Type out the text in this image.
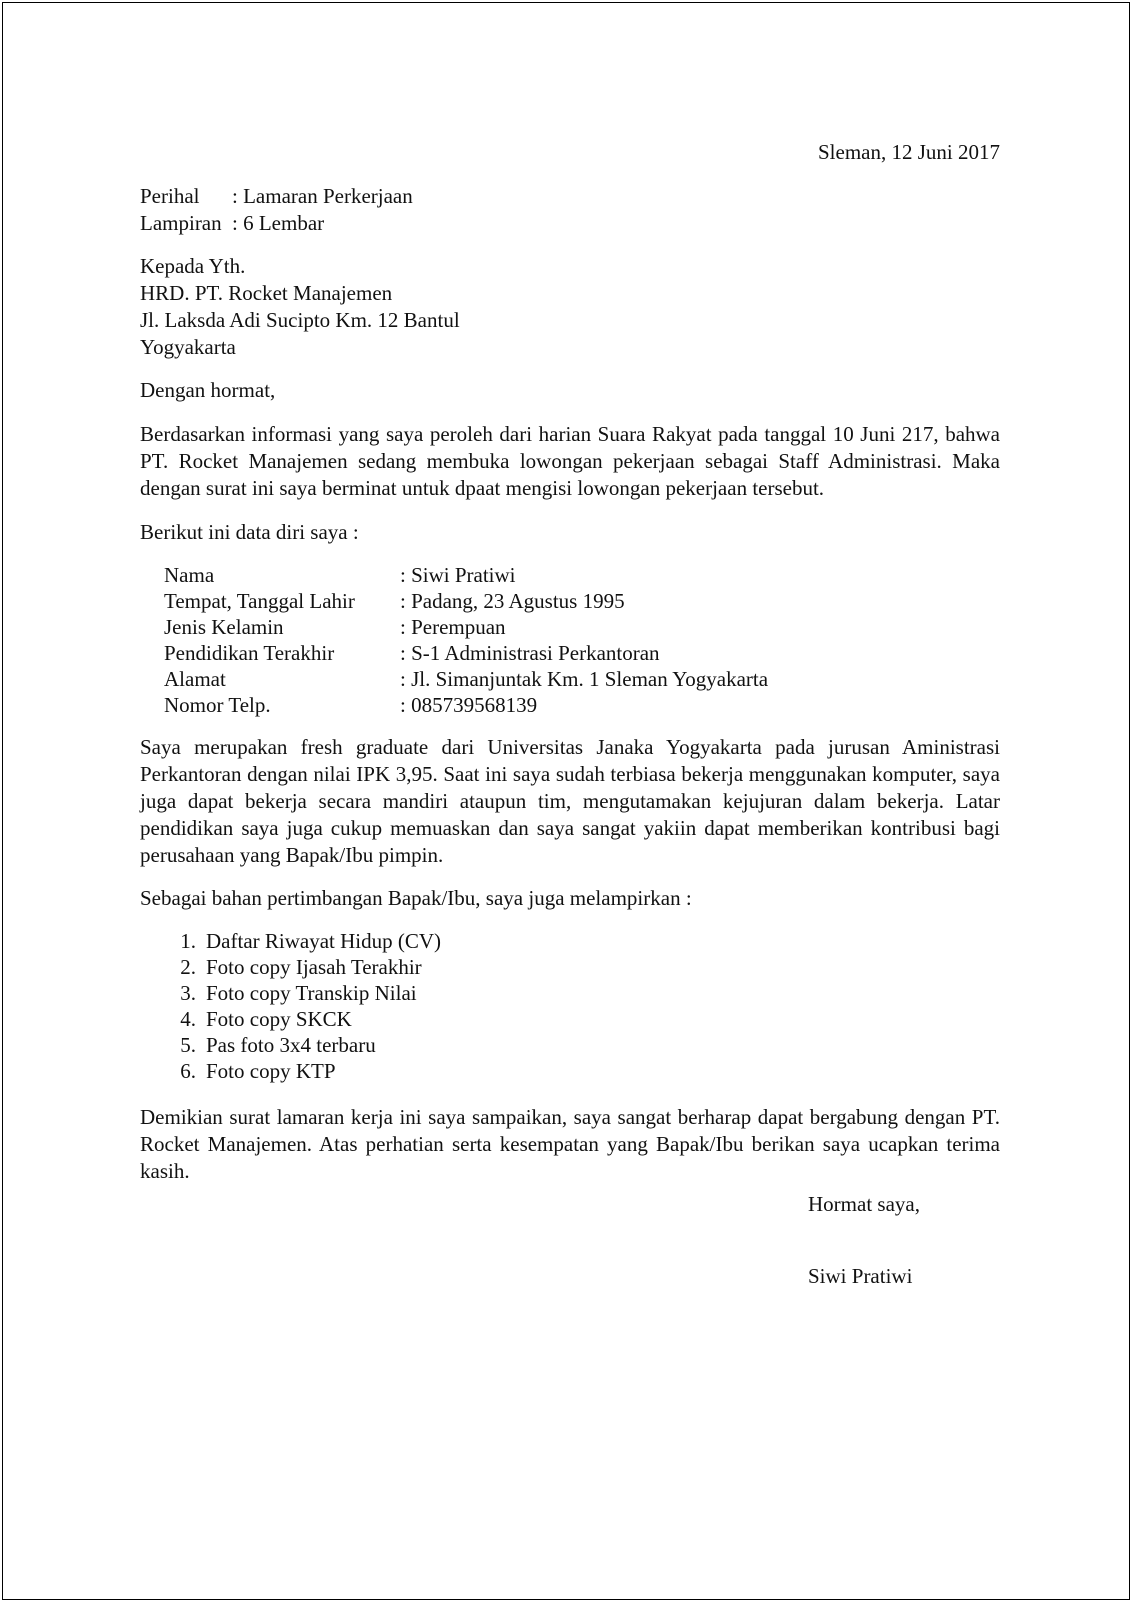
Sleman, 12 Juni 2017
Perihal	: Lamaran Perkerjaan
Lampiran : 6 Lembar
Kepada Yth.
HRD. PT. Rocket Manajemen
Jl. Laksda Adi Sucipto Km. 12 Bantul
Yogyakarta
Dengan hormat,
Berdasarkan informasi yang saya peroleh dari harian Suara Rakyat pada tanggal 10 Juni 217, bahwa PT. Rocket Manajemen sedang membuka lowongan pekerjaan sebagai Staff Administrasi. Maka dengan surat ini saya berminat untuk dpaat mengisi lowongan pekerjaan tersebut.
Berikut ini data diri saya :
Nama	: Siwi Pratiwi
Tempat, Tanggal Lahir	: Padang, 23 Agustus 1995
Jenis Kelamin	: Perempuan
Pendidikan Terakhir	: S-1 Administrasi Perkantoran
Alamat	: Jl. Simanjuntak Km. 1 Sleman Yogyakarta
Nomor Telp.	: 085739568139
Saya merupakan fresh graduate dari Universitas Janaka Yogyakarta pada jurusan Aministrasi Perkantoran dengan nilai IPK 3,95. Saat ini saya sudah terbiasa bekerja menggunakan komputer, saya juga dapat bekerja secara mandiri ataupun tim, mengutamakan kejujuran dalam bekerja. Latar pendidikan saya juga cukup memuaskan dan saya sangat yakiin dapat memberikan kontribusi bagi perusahaan yang Bapak/Ibu pimpin.
Sebagai bahan pertimbangan Bapak/Ibu, saya juga melampirkan :
1. Daftar Riwayat Hidup (CV)
2. Foto copy Ijasah Terakhir
3. Foto copy Transkip Nilai
4. Foto copy SKCK
5. Pas foto 3x4 terbaru
6. Foto copy KTP
Demikian surat lamaran kerja ini saya sampaikan, saya sangat berharap dapat bergabung dengan PT. Rocket Manajemen. Atas perhatian serta kesempatan yang Bapak/Ibu berikan saya ucapkan terima kasih.
Hormat saya,
Siwi Pratiwi
